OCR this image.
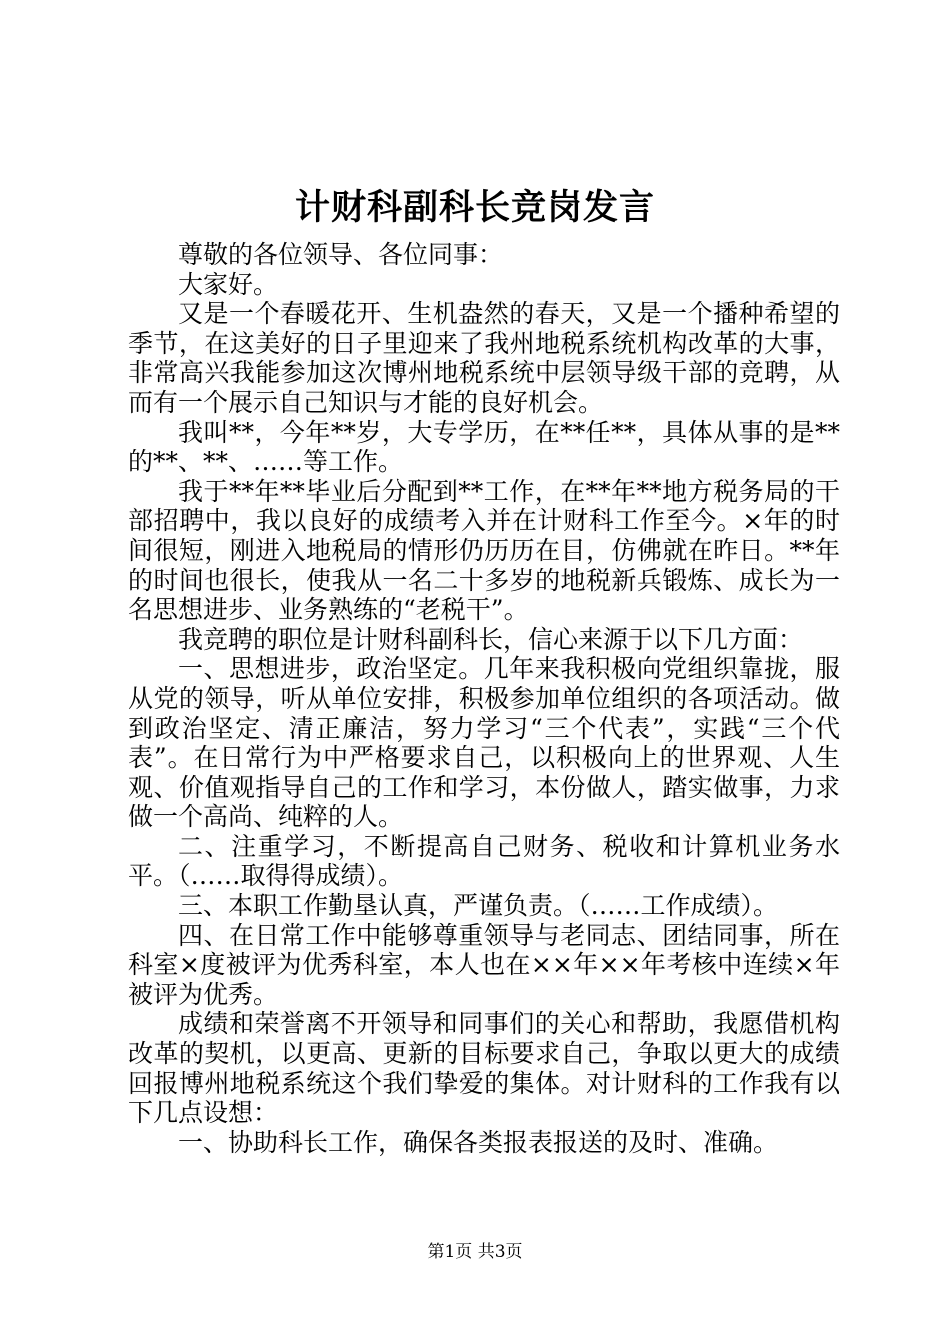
计财科副科长竞岗发言

尊敬的各位领导、各位同事：

大家好。

又是一个春暖花开、生机盎然的春天，又是一个播种希望的季节，在这美好的日子里迎来了我州地税系统机构改革的大事，非常高兴我能参加这次博州地税系统中层领导级干部的竞聘，从而有一个展示自己知识与才能的良好机会。

我叫**，今年**岁，大专学历，在**任**，具体从事的是**的**、**、……等工作。

我于**年**毕业后分配到**工作，在**年**地方税务局的干部招聘中，我以良好的成绩考入并在计财科工作至今。×年的时间很短，刚进入地税局的情形仍历历在目，仿佛就在昨日。**年的时间也很长，使我从一名二十多岁的地税新兵锻炼、成长为一名思想进步、业务熟练的“老税干”。

我竞聘的职位是计财科副科长，信心来源于以下几方面：

一、思想进步，政治坚定。几年来我积极向党组织靠拢，服从党的领导，听从单位安排，积极参加单位组织的各项活动。做到政治坚定、清正廉洁，努力学习“三个代表”，实践“三个代表”。在日常行为中严格要求自己，以积极向上的世界观、人生观、价值观指导自己的工作和学习，本份做人，踏实做事，力求做一个高尚、纯粹的人。

二、注重学习，不断提高自己财务、税收和计算机业务水平。（……取得得成绩）。

三、本职工作勤垦认真，严谨负责。（……工作成绩）。

四、在日常工作中能够尊重领导与老同志、团结同事，所在科室×度被评为优秀科室，本人也在××年××年考核中连续×年被评为优秀。

成绩和荣誉离不开领导和同事们的关心和帮助，我愿借机构改革的契机，以更高、更新的目标要求自己，争取以更大的成绩回报博州地税系统这个我们挚爱的集体。对计财科的工作我有以下几点设想：

一、协助科长工作，确保各类报表报送的及时、准确。

第1页 共3页
